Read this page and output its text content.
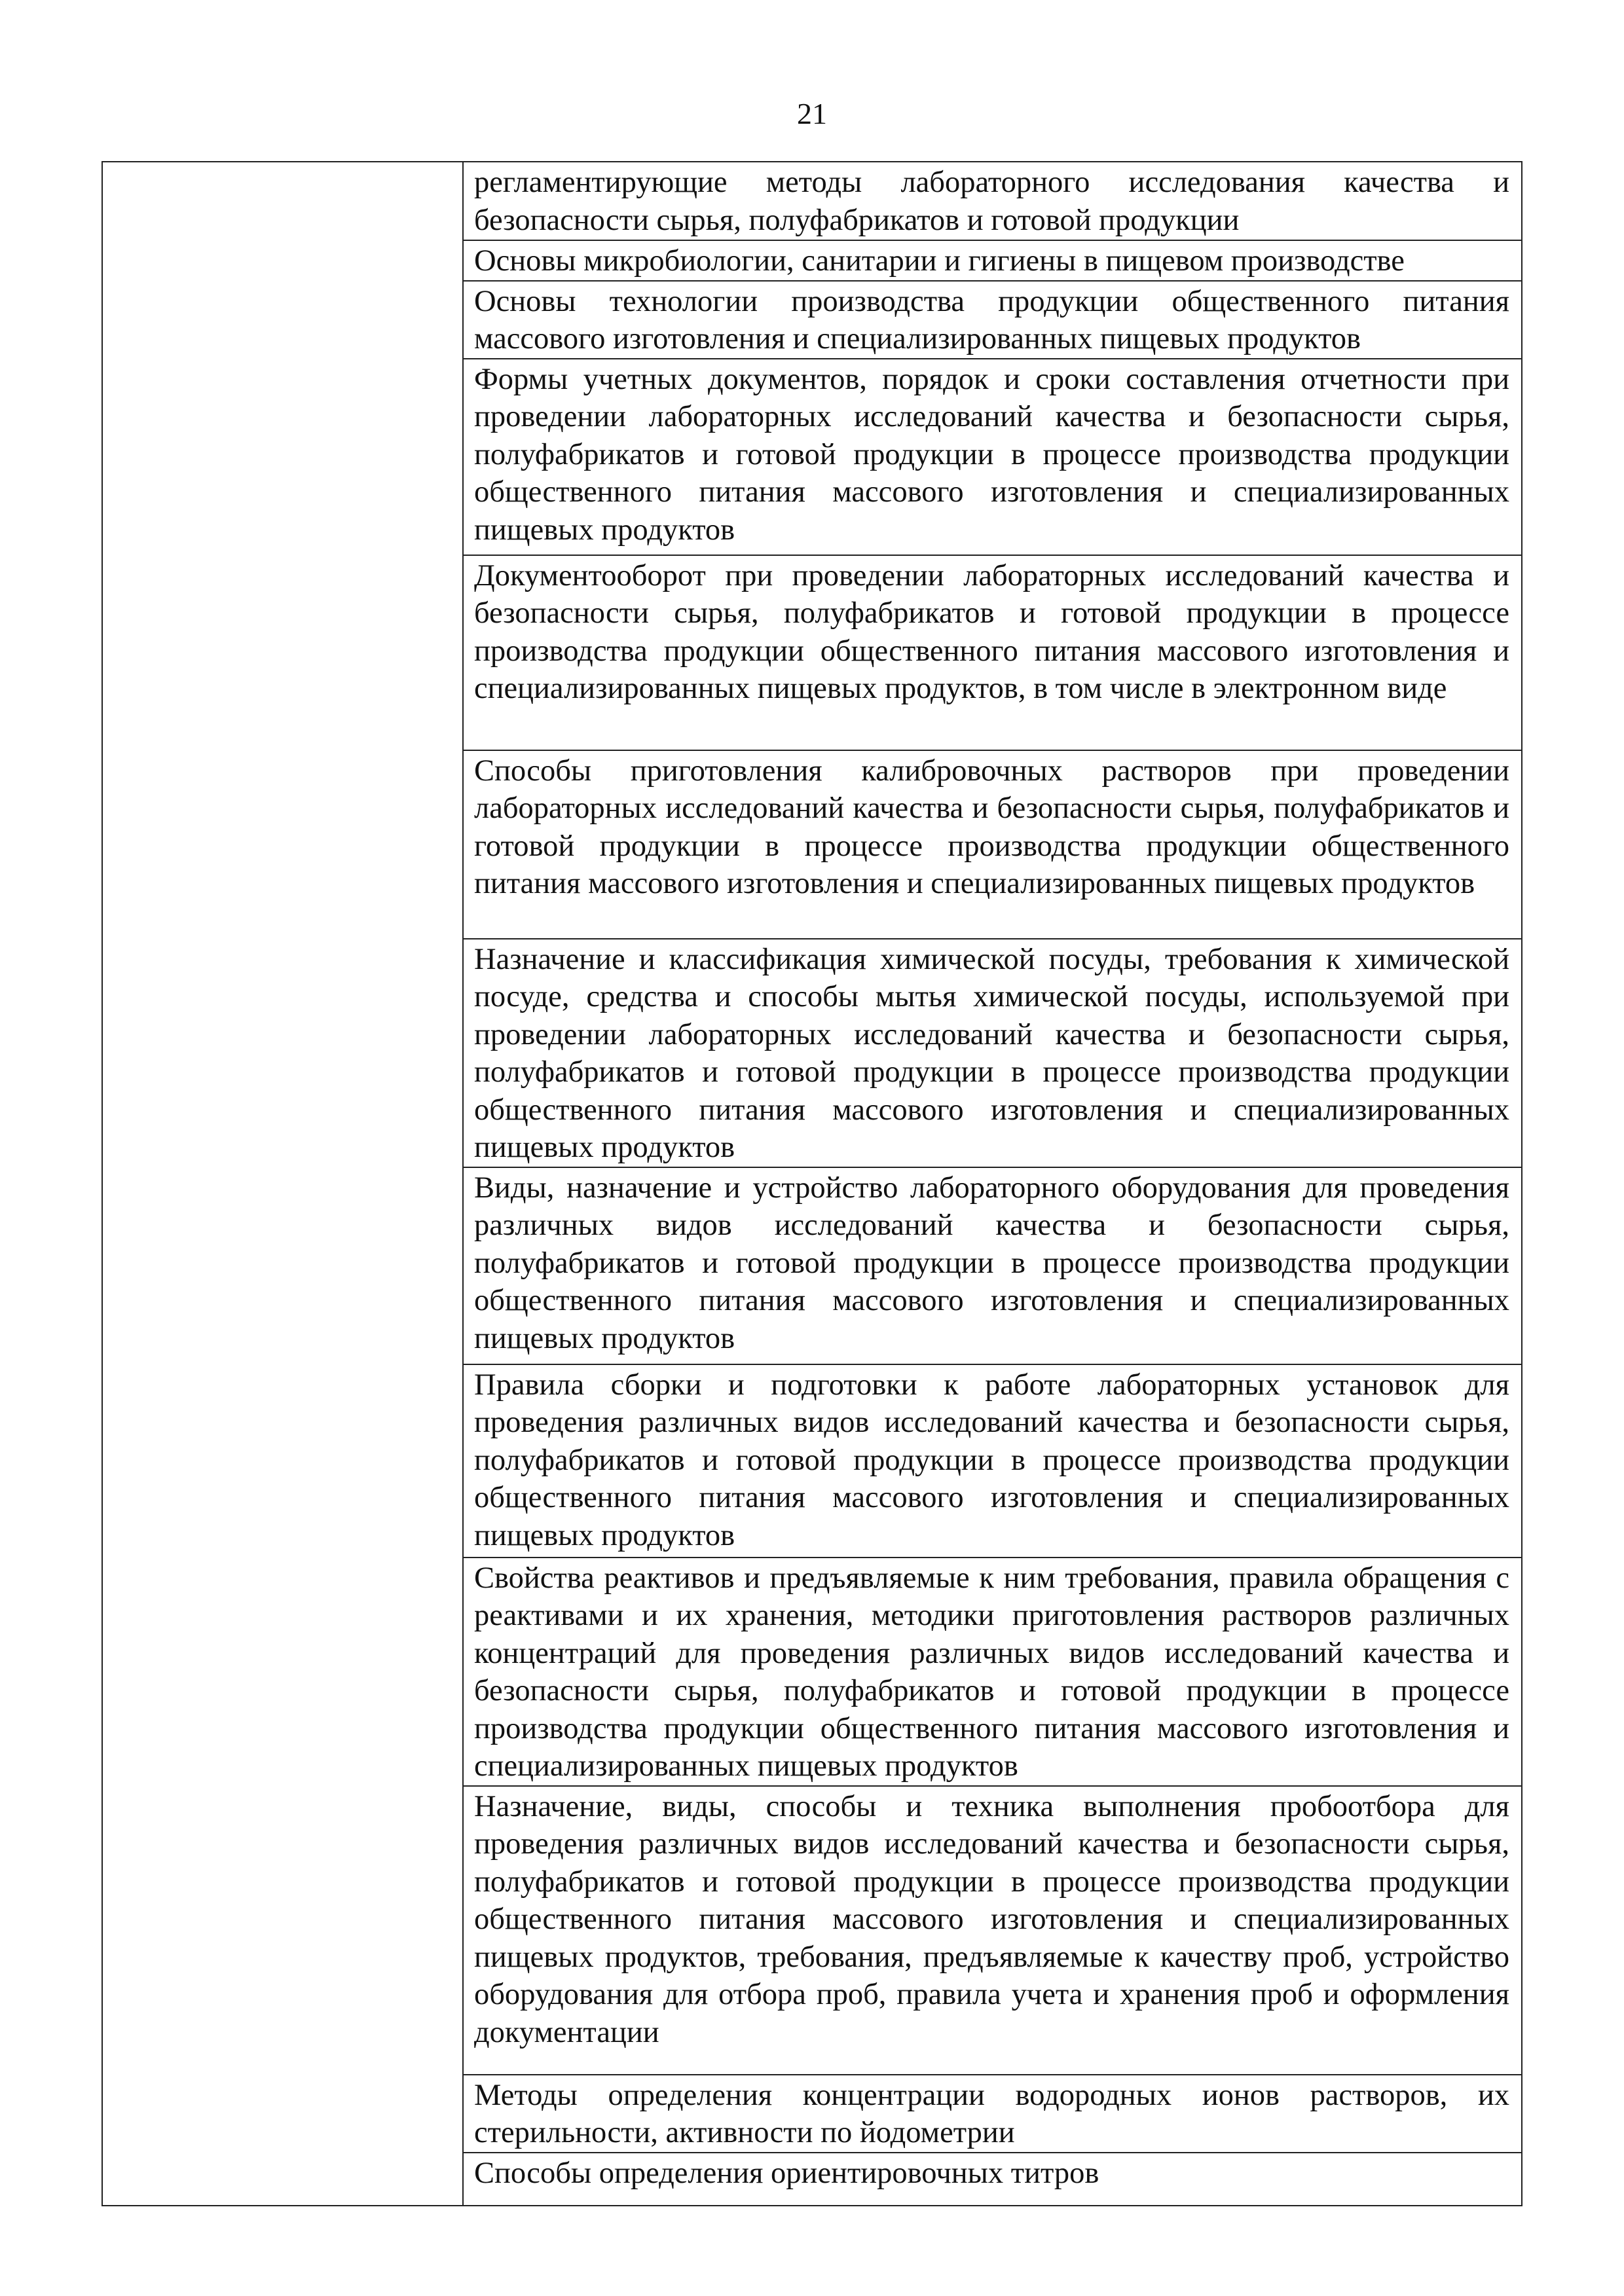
21

регламентирующие методы лабораторного исследования качества и безопасности сырья, полуфабрикатов и готовой продукции

Основы микробиологии, санитарии и гигиены в пищевом производстве

Основы технологии производства продукции общественного питания массового изготовления и специализированных пищевых продуктов

Формы учетных документов, порядок и сроки составления отчетности при проведении лабораторных исследований качества и безопасности сырья, полуфабрикатов и готовой продукции в процессе производства продукции общественного питания массового изготовления и специализированных пищевых продуктов

Документооборот при проведении лабораторных исследований качества и безопасности сырья, полуфабрикатов и готовой продукции в процессе производства продукции общественного питания массового изготовления и специализированных пищевых продуктов, в том числе в электронном виде

Способы приготовления калибровочных растворов при проведении лабораторных исследований качества и безопасности сырья, полуфабрикатов и готовой продукции в процессе производства продукции общественного питания массового изготовления и специализированных пищевых продуктов

Назначение и классификация химической посуды, требования к химической посуде, средства и способы мытья химической посуды, используемой при проведении лабораторных исследований качества и безопасности сырья, полуфабрикатов и готовой продукции в процессе производства продукции общественного питания массового изготовления и специализированных пищевых продуктов

Виды, назначение и устройство лабораторного оборудования для проведения различных видов исследований качества и безопасности сырья, полуфабрикатов и готовой продукции в процессе производства продукции общественного питания массового изготовления и специализированных пищевых продуктов

Правила сборки и подготовки к работе лабораторных установок для проведения различных видов исследований качества и безопасности сырья, полуфабрикатов и готовой продукции в процессе производства продукции общественного питания массового изготовления и специализированных пищевых продуктов

Свойства реактивов и предъявляемые к ним требования, правила обращения с реактивами и их хранения, методики приготовления растворов различных концентраций для проведения различных видов исследований качества и безопасности сырья, полуфабрикатов и готовой продукции в процессе производства продукции общественного питания массового изготовления и специализированных пищевых продуктов

Назначение, виды, способы и техника выполнения пробоотбора для проведения различных видов исследований качества и безопасности сырья, полуфабрикатов и готовой продукции в процессе производства продукции общественного питания массового изготовления и специализированных пищевых продуктов, требования, предъявляемые к качеству проб, устройство оборудования для отбора проб, правила учета и хранения проб и оформления документации

Методы определения концентрации водородных ионов растворов, их стерильности, активности по йодометрии

Способы определения ориентировочных титров
